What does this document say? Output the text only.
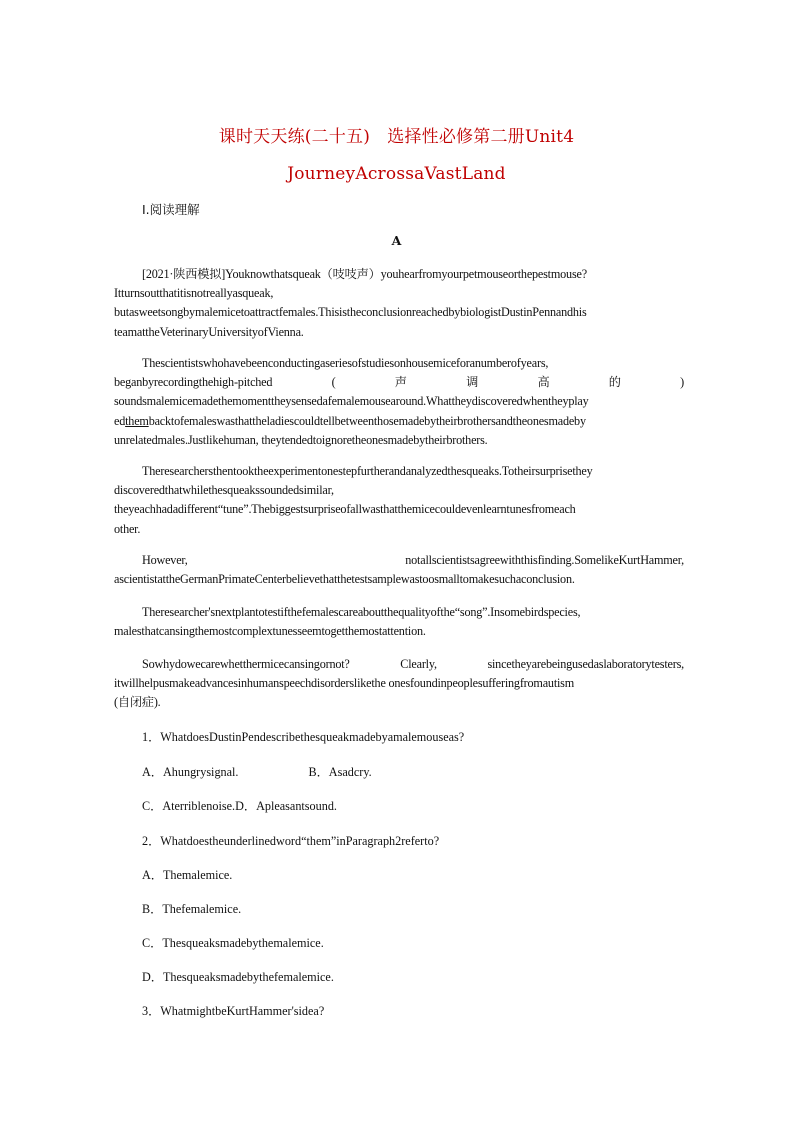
课时天天练(二十五)　选择性必修第二册Unit4
JourneyAcrossaVastLand
Ⅰ.阅读理解
A
[2021·陕西模拟]Youknowthatsqueak（吱吱声）youhearfromyourpetmouseorthepestmouse?
Itturnsoutthatitisnotreallyasqueak,
butasweetsongbymalemicetoattractfemales.ThisistheconclusionreachedbybiologistDustinPennandhis
teamattheVeterinaryUniversityofVienna.
Thescientistswhohavebeenconductingaseriesofstudiesonhousemiceforanumberofyears,
beganbyrecordingthehigh-pitched	(	声	调	高	的	)
soundsmalemicemadethemomenttheysensedafemalemousearound.Whattheydiscoveredwhentheyplay
edthembacktofemaleswasthattheladiescouldtellbetweenthosemadebytheirbrothersandtheonesmadeby
unrelatedmales.Justlikehuman, theytendedtoignoretheonesmadebytheirbrothers.
Theresearchersthentooktheexperimentonestepfurtherandanalyzedthesqueaks.Totheirsurprisethey
discoveredthatwhilethesqueakssoundedsimilar,
theyeachhadadifferent“tune”.Thebiggestsurpriseofallwasthatthemicecouldevenlearntunesfromeach
other.
However,	notallscientistsagreewiththisfinding.SomelikeKurtHammer,
ascientistattheGermanPrimateCenterbelievethatthetestsamplewastoosmalltomakesuchaconclusion.
Theresearcher'snextplantotestifthefemalescareaboutthequalityofthe“song”.Insomebirdspecies,
malesthatcansingthemostcomplextunesseemtogetthemostattention.
Sowhydowecarewhetthermicecansingornot?	Clearly,	sincetheyarebeingusedaslaboratorytesters,
itwillhelpusmakeadvancesinhumanspeechdisorderslikethe onesfoundinpeoplesufferingfromautism
(自闭症).
1．WhatdoesDustinPendescribethesqueakmadebyamalemouseas?
A．Ahungrysignal.	B．Asadcry.
C．Aterriblenoise.D．Apleasantsound.
2．Whatdoestheunderlinedword“them”inParagraph2referto?
A．Themalemice.
B．Thefemalemice.
C．Thesqueaksmadebythemalemice.
D．Thesqueaksmadebythefemalemice.
3．WhatmightbeKurtHammer'sidea?
